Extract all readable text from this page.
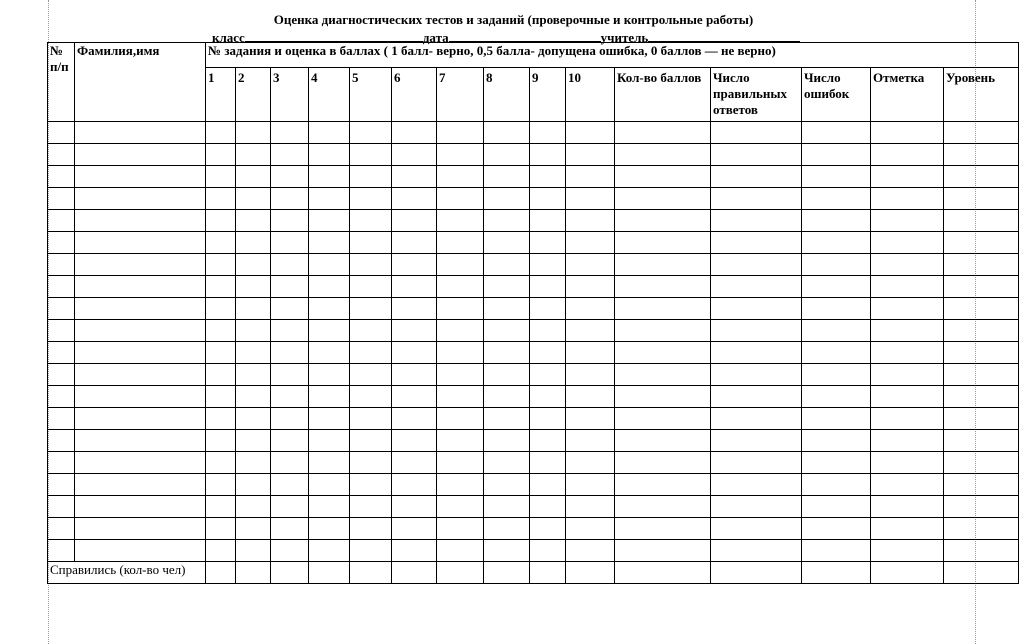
Оценка диагностических тестов и заданий (проверочные и контрольные работы)
класс	дата	учитель
№ п/п	Фамилия,имя	№ задания и оценка в баллах ( 1 балл- верно, 0,5 балла- допущена ошибка, 0 баллов — не верно)														
		1	2	3	4	5	6	7	8	9	10	Кол-во баллов	Число правильных ответов	Число ошибок	Отметка	Уровень

Справились (кол-во чел)																
